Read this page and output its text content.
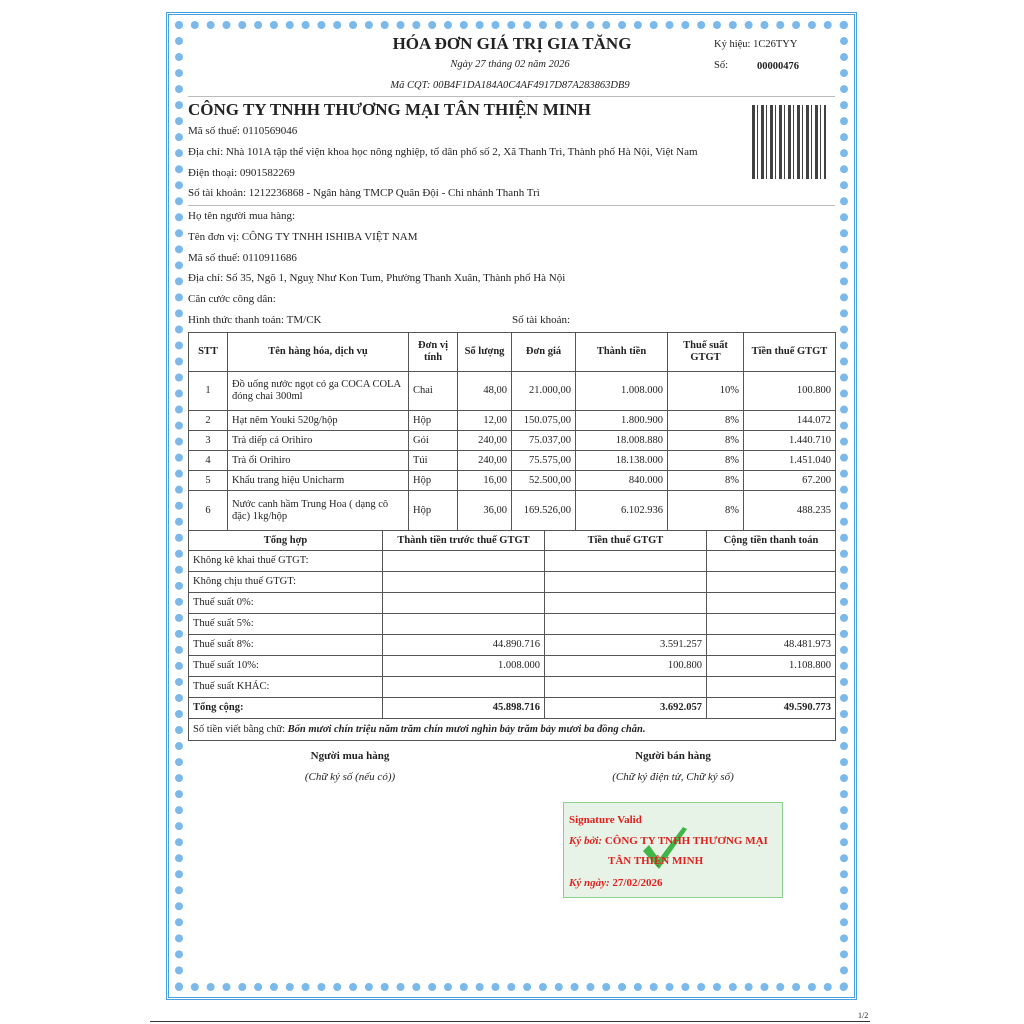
HÓA ĐƠN GIÁ TRỊ GIA TĂNG
Ngày 27 tháng 02 năm 2026
Mã CQT: 00B4F1DA184A0C4AF4917D87A283863DB9
Ký hiệu: 1C26TYY
Số:	00000476
CÔNG TY TNHH THƯƠNG MẠI TÂN THIỆN MINH
Mã số thuế: 0110569046
Địa chỉ: Nhà 101A tập thể viện khoa học nông nghiệp, tổ dân phố số 2, Xã Thanh Trì, Thành phố Hà Nội, Việt Nam
Điện thoại: 0901582269
Số tài khoản: 1212236868 - Ngân hàng TMCP Quân Đội - Chi nhánh Thanh Trì
Họ tên người mua hàng:
Tên đơn vị: CÔNG TY TNHH ISHIBA VIỆT NAM
Mã số thuế: 0110911686
Địa chỉ: Số 35, Ngõ 1, Nguỵ Như Kon Tum, Phường Thanh Xuân, Thành phố Hà Nội
Căn cước công dân:
Hình thức thanh toán: TM/CK	Số tài khoản:
STT	Tên hàng hóa, dịch vụ	Đơn vị tính	Số lượng	Đơn giá	Thành tiền	Thuế suất GTGT	Tiền thuế GTGT
1	Đồ uống nước ngọt có ga COCA COLA đóng chai 300ml	Chai	48,00	21.000,00	1.008.000	10%	100.800
2	Hạt nêm Youki 520g/hộp	Hộp	12,00	150.075,00	1.800.900	8%	144.072
3	Trà diếp cá Orihiro	Gói	240,00	75.037,00	18.008.880	8%	1.440.710
4	Trà ổi Orihiro	Túi	240,00	75.575,00	18.138.000	8%	1.451.040
5	Khẩu trang hiệu Unicharm	Hộp	16,00	52.500,00	840.000	8%	67.200
6	Nước canh hầm Trung Hoa ( dạng cô đặc) 1kg/hộp	Hộp	36,00	169.526,00	6.102.936	8%	488.235
Tổng hợp	Thành tiền trước thuế GTGT	Tiền thuế GTGT	Cộng tiền thanh toán
Không kê khai thuế GTGT:			
Không chịu thuế GTGT:			
Thuế suất 0%:			
Thuế suất 5%:			
Thuế suất 8%:	44.890.716	3.591.257	48.481.973
Thuế suất 10%:	1.008.000	100.800	1.108.800
Thuế suất KHÁC:			
Tổng cộng:	45.898.716	3.692.057	49.590.773
Số tiền viết bằng chữ: Bốn mươi chín triệu năm trăm chín mươi nghìn bảy trăm bảy mươi ba đồng chẵn.			
Người mua hàng
(Chữ ký số (nếu có))
Người bán hàng
(Chữ ký điện tử, Chữ ký số)
Signature Valid
Ký bởi: CÔNG TY TNHH THƯƠNG MẠI
TÂN THIỆN MINH
Ký ngày: 27/02/2026
1/2
